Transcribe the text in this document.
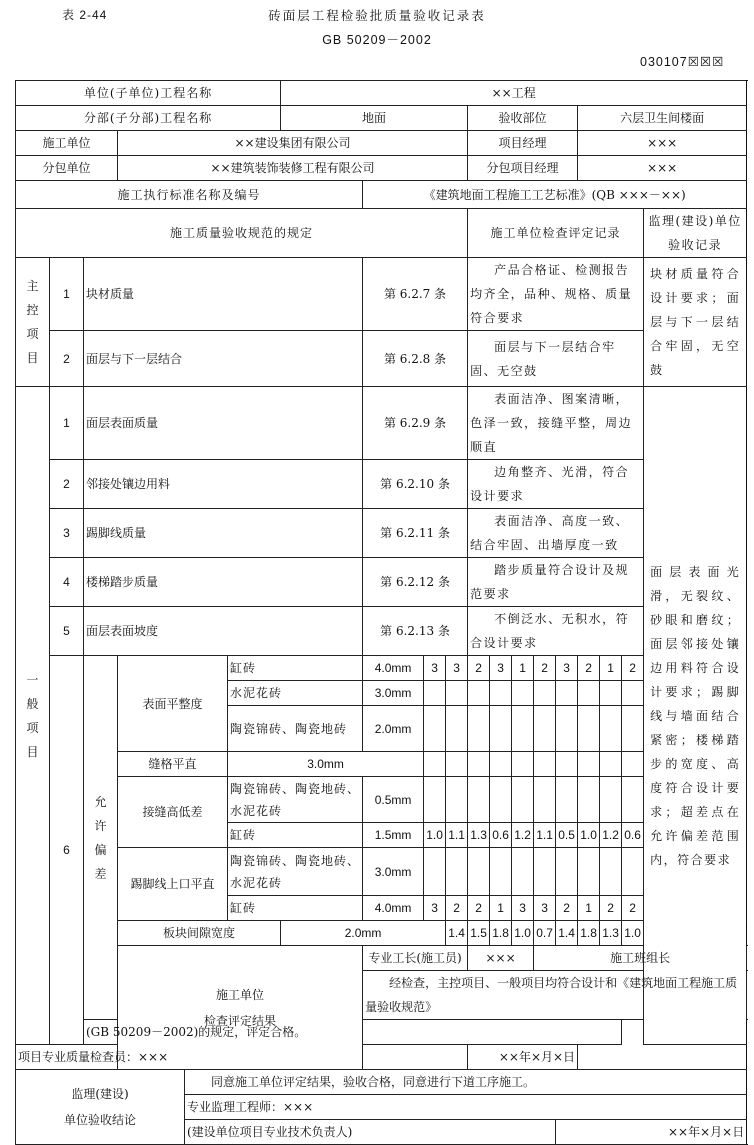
表 2-44	砖面层工程检验批质量验收记录表
GB 50209－2002
030107☒☒☒
单位(子单位)工程名称						××工程													
分部(子分部)工程名称						地面				验收部位					六层卫生间楼面				
施工单位			××建设集团有限公司							项目经理					×××				
分包单位			××建筑装饰装修工程有限公司							分包项目经理					×××				
施工执行标准名称及编号							《建筑地面工程施工工艺标准》(QB ×××－××)												
施工质量验收规范的规定										施工单位检查评定记录								监理(建设)单位验收记录	
主控项目	1	块材质量					第 6.2.7 条			产品合格证、检测报告均齐全，品种、规格、质量符合要求								块材质量符合设计要求；面层与下一层结合牢固，无空鼓	
	2	面层与下一层结合					第 6.2.8 条			面层与下一层结合牢固、无空鼓									
一般项目	1	面层表面质量					第 6.2.9 条			表面洁净、图案清晰，色泽一致，接缝平整，周边顺直								面层表面光滑，无裂纹、砂眼和磨纹；面层邻接处镶边用料符合设计要求；踢脚线与墙面结合紧密；楼梯踏步的宽度、高度符合设计要求；超差点在允许偏差范围内，符合要求	
	2	邻接处镶边用料					第 6.2.10 条			边角整齐、光滑，符合设计要求									
	3	踢脚线质量					第 6.2.11 条			表面洁净、高度一致、结合牢固、出墙厚度一致									
	4	楼梯踏步质量					第 6.2.12 条			踏步质量符合设计及规范要求									
	5	面层表面坡度					第 6.2.13 条			不倒泛水、无积水，符合设计要求									
	6	允许偏差	表面平整度		缸砖		4.0mm	3	3	2	3	1	2	3	2	1	2		
					水泥花砖		3.0mm												
					陶瓷锦砖、陶瓷地砖		2.0mm												
			缝格平直		3.0mm														
			接缝高低差		陶瓷锦砖、陶瓷地砖、水泥花砖		0.5mm												
					缸砖		1.5mm	1.0	1.1	1.3	0.6	1.2	1.1	0.5	1.0	1.2	0.6		
			踢脚线上口平直		陶瓷锦砖、陶瓷地砖、水泥花砖		3.0mm												
					缸砖		4.0mm	3	2	2	1	3	3	2	1	2	2		
			板块间隙宽度			2.0mm			1.4	1.5	1.8	1.0	0.7	1.4	1.8	1.3	1.0	

			施工单位
检查评定结果				专业工长(施工员)			×××			施工班组长	
							经检查，主控项目、一般项目均符合设计和《建筑地面工程施工质量验收规范》												
		(GB 50209－2002)的规定，评定合格。																	
项目专业质量检查员：×××										××年×月×日									

监理(建设)
单位验收结论				同意施工单位评定结果，验收合格，同意进行下道工序施工。															
				专业监理工程师：×××															
				(建设单位项目专业技术负责人)										××年×月×日					
